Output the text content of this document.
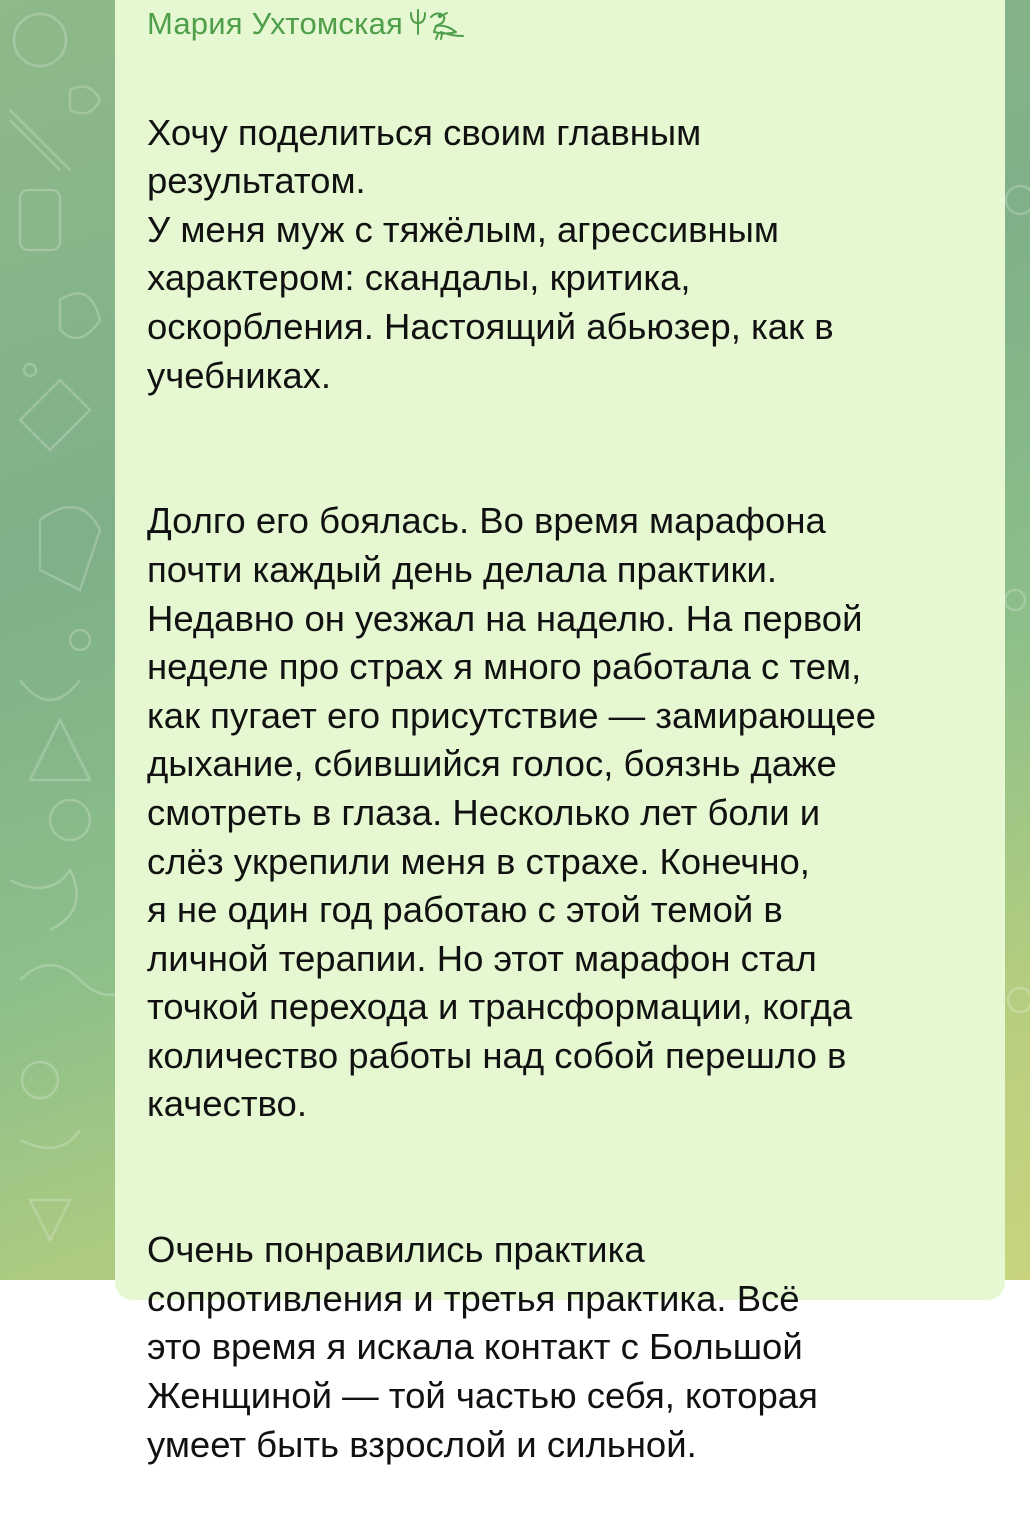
Мария Ухтомская

Хочу поделиться своим главным
результатом.
У меня муж с тяжёлым, агрессивным
характером: скандалы, критика,
оскорбления. Настоящий абьюзер, как в
учебниках.

Долго его боялась. Во время марафона
почти каждый день делала практики.
Недавно он уезжал на наделю. На первой
неделе про страх я много работала с тем,
как пугает его присутствие — замирающее
дыхание, сбившийся голос, боязнь даже
смотреть в глаза. Несколько лет боли и
слёз укрепили меня в страхе. Конечно,
я не один год работаю с этой темой в
личной терапии. Но этот марафон стал
точкой перехода и трансформации, когда
количество работы над собой перешло в
качество.

Очень понравились практика
сопротивления и третья практика. Всё
это время я искала контакт с Большой
Женщиной — той частью себя, которая
умеет быть взрослой и сильной.
